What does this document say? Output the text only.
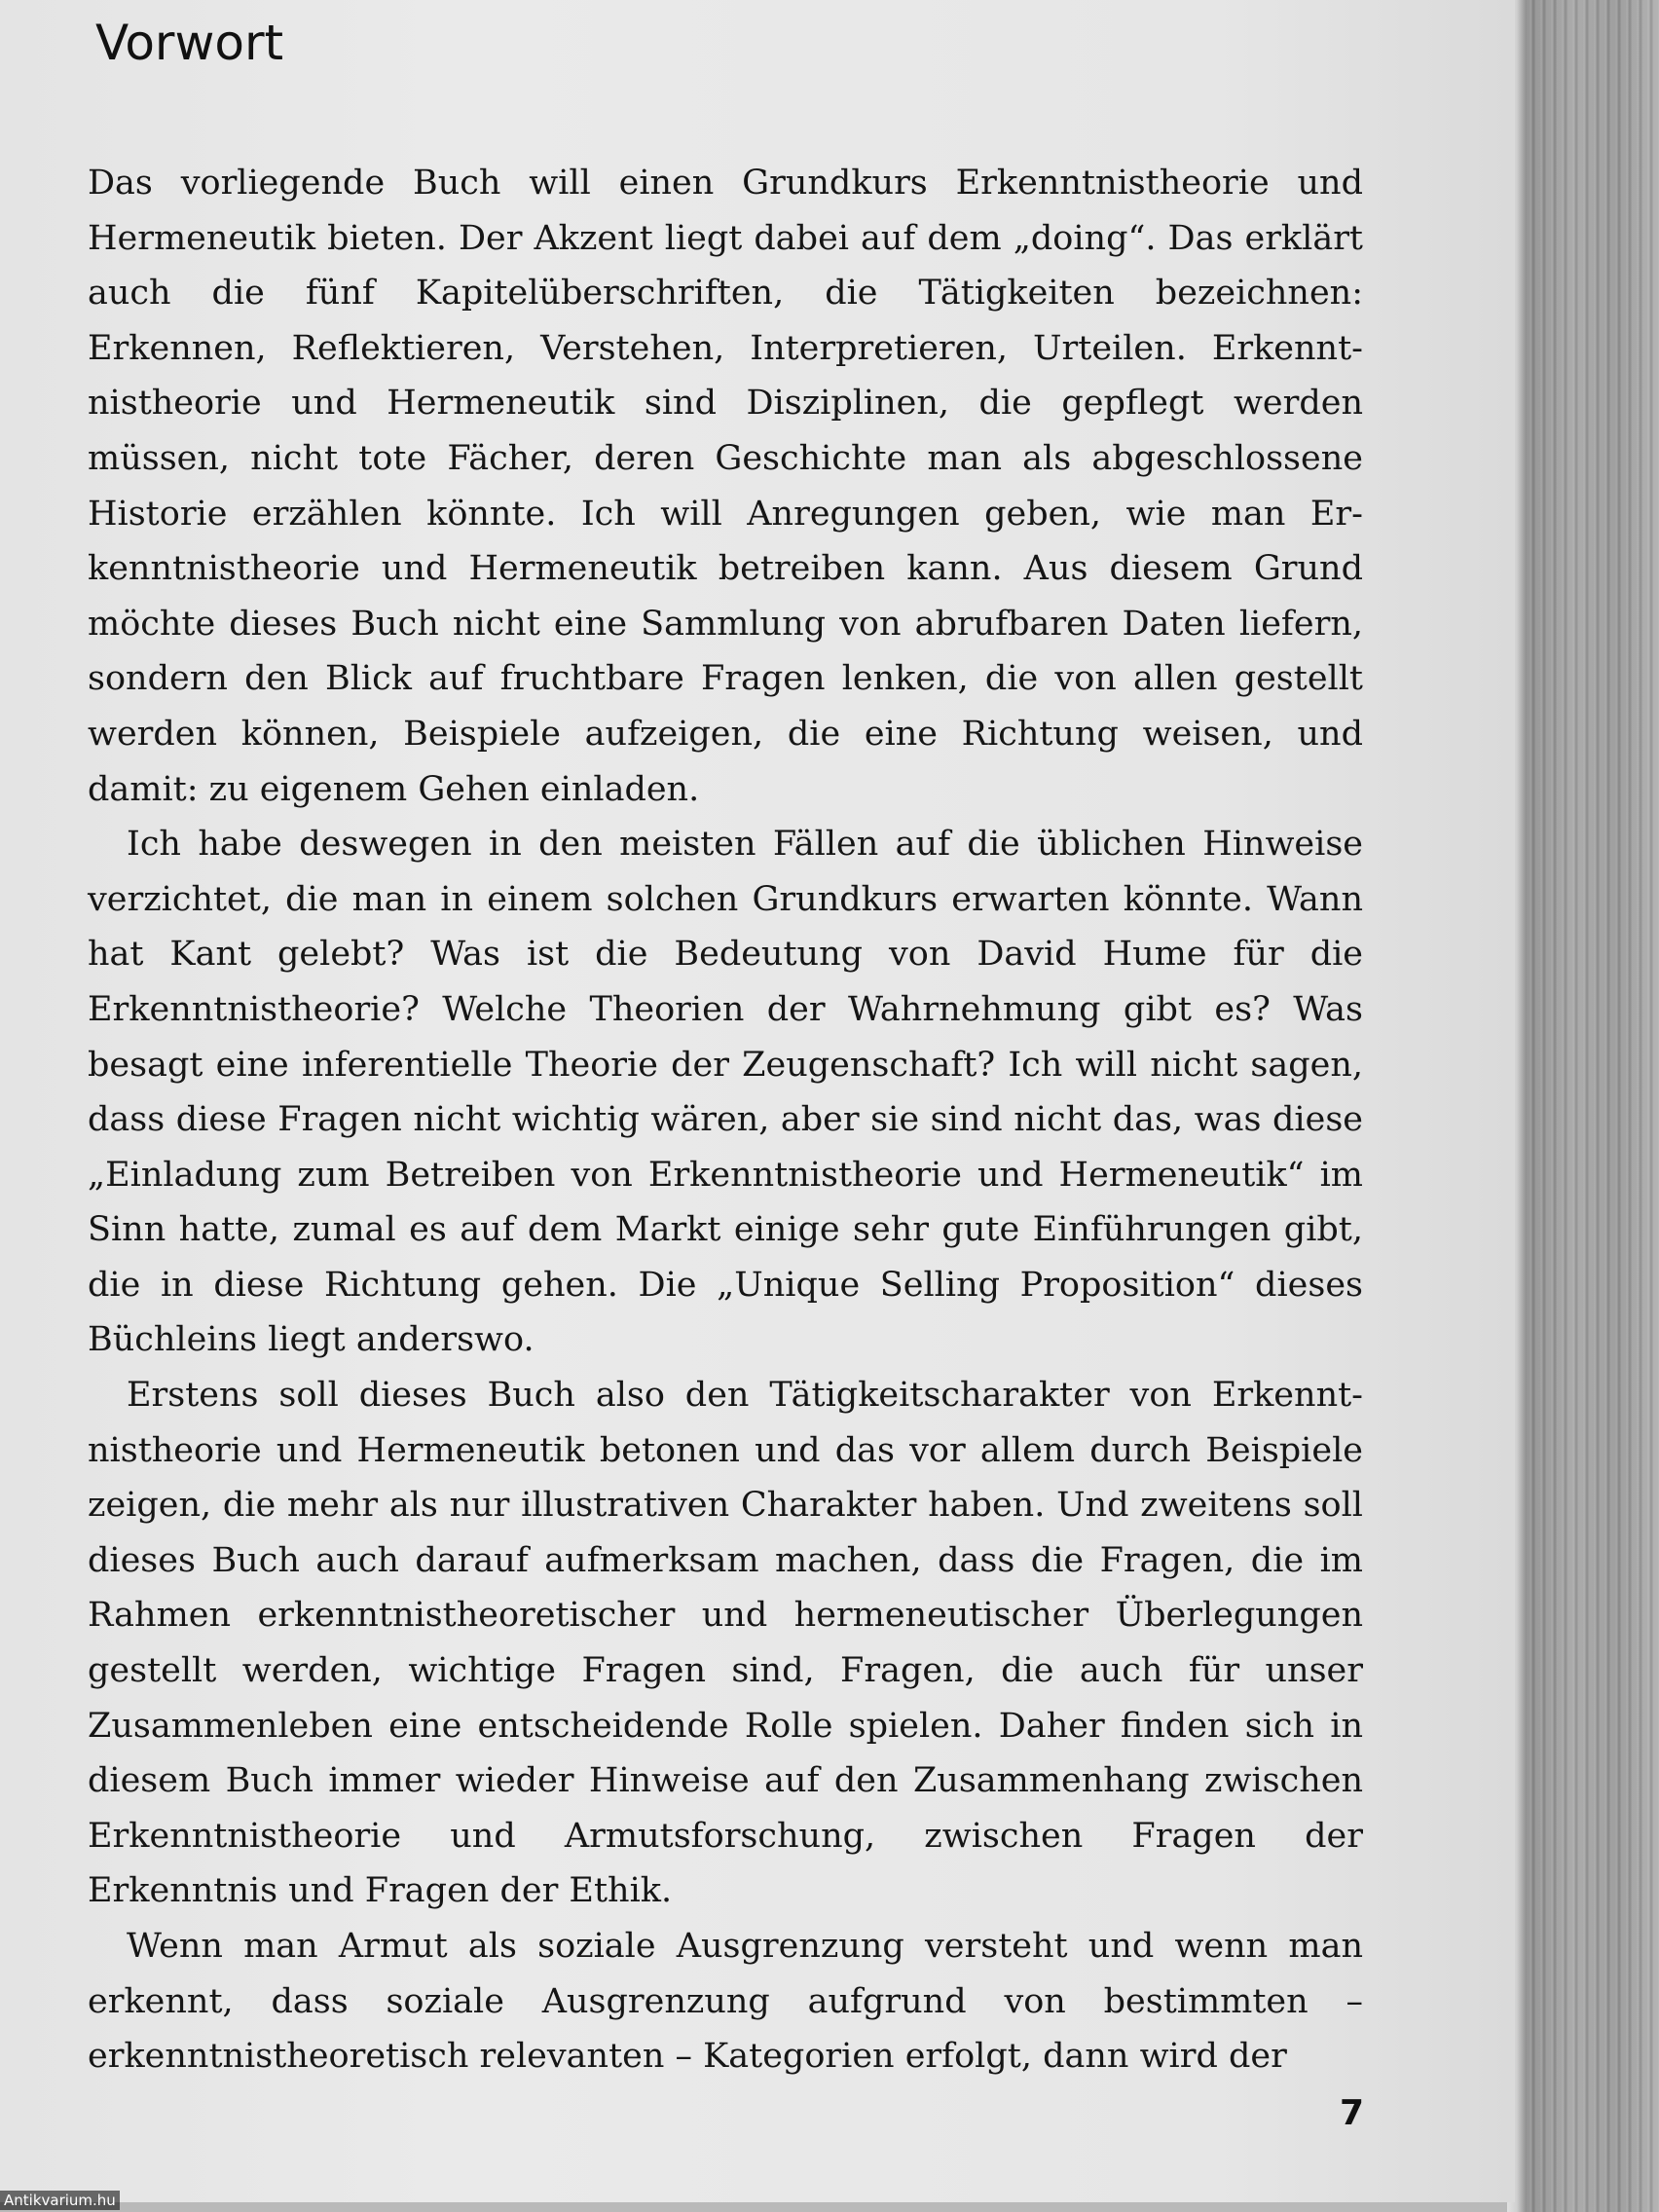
Vorwort

Das vorliegende Buch will einen Grundkurs Erkenntnistheorie und Hermeneutik bieten. Der Akzent liegt dabei auf dem „doing“. Das erklärt auch die fünf Kapitelüberschriften, die Tätigkeiten bezeichnen: Erkennen, Reflektieren, Verstehen, Interpretieren, Urteilen. Erkenntnistheorie und Hermeneutik sind Disziplinen, die gepflegt werden müssen, nicht tote Fächer, deren Geschichte man als abgeschlossene Historie erzählen könnte. Ich will Anregungen geben, wie man Erkenntnistheorie und Hermeneutik betreiben kann. Aus diesem Grund möchte dieses Buch nicht eine Sammlung von abrufbaren Daten liefern, sondern den Blick auf fruchtbare Fragen lenken, die von allen gestellt werden können, Beispiele aufzeigen, die eine Richtung weisen, und damit: zu eigenem Gehen einladen.

Ich habe deswegen in den meisten Fällen auf die üblichen Hinweise verzichtet, die man in einem solchen Grundkurs erwarten könnte. Wann hat Kant gelebt? Was ist die Bedeutung von David Hume für die Erkenntnistheorie? Welche Theorien der Wahrnehmung gibt es? Was besagt eine inferentielle Theorie der Zeugenschaft? Ich will nicht sagen, dass diese Fragen nicht wichtig wären, aber sie sind nicht das, was diese „Einladung zum Betreiben von Erkenntnistheorie und Hermeneutik“ im Sinn hatte, zumal es auf dem Markt einige sehr gute Einführungen gibt, die in diese Richtung gehen. Die „Unique Selling Proposition“ dieses Büchleins liegt anderswo.

Erstens soll dieses Buch also den Tätigkeitscharakter von Erkenntnistheorie und Hermeneutik betonen und das vor allem durch Beispiele zeigen, die mehr als nur illustrativen Charakter haben. Und zweitens soll dieses Buch auch darauf aufmerksam machen, dass die Fragen, die im Rahmen erkenntnistheoretischer und hermeneutischer Überlegungen gestellt werden, wichtige Fragen sind, Fragen, die auch für unser Zusammenleben eine entscheidende Rolle spielen. Daher finden sich in diesem Buch immer wieder Hinweise auf den Zusammenhang zwischen Erkenntnistheorie und Armutsforschung, zwischen Fragen der Erkenntnis und Fragen der Ethik.

Wenn man Armut als soziale Ausgrenzung versteht und wenn man erkennt, dass soziale Ausgrenzung aufgrund von bestimmten – erkenntnistheoretisch relevanten – Kategorien erfolgt, dann wird der

7
Antikvarium.hu
